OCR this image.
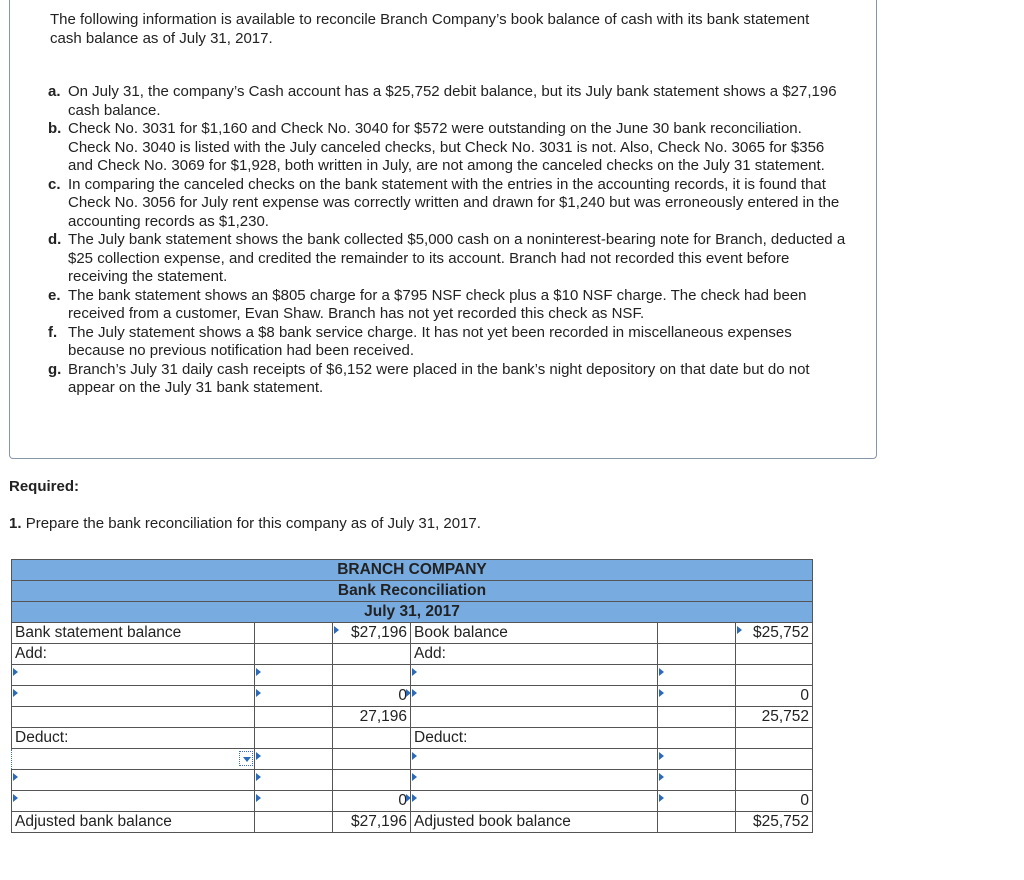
The following information is available to reconcile Branch Company’s book balance of cash with its bank statement cash balance as of July 31, 2017.

a. On July 31, the company’s Cash account has a $25,752 debit balance, but its July bank statement shows a $27,196 cash balance.
b. Check No. 3031 for $1,160 and Check No. 3040 for $572 were outstanding on the June 30 bank reconciliation. Check No. 3040 is listed with the July canceled checks, but Check No. 3031 is not. Also, Check No. 3065 for $356 and Check No. 3069 for $1,928, both written in July, are not among the canceled checks on the July 31 statement.
c. In comparing the canceled checks on the bank statement with the entries in the accounting records, it is found that Check No. 3056 for July rent expense was correctly written and drawn for $1,240 but was erroneously entered in the accounting records as $1,230.
d. The July bank statement shows the bank collected $5,000 cash on a noninterest-bearing note for Branch, deducted a $25 collection expense, and credited the remainder to its account. Branch had not recorded this event before receiving the statement.
e. The bank statement shows an $805 charge for a $795 NSF check plus a $10 NSF charge. The check had been received from a customer, Evan Shaw. Branch has not yet recorded this check as NSF.
f. The July statement shows a $8 bank service charge. It has not yet been recorded in miscellaneous expenses because no previous notification had been received.
g. Branch’s July 31 daily cash receipts of $6,152 were placed in the bank’s night depository on that date but do not appear on the July 31 bank statement.

Required:

1. Prepare the bank reconciliation for this company as of July 31, 2017.

BRANCH COMPANY					
Bank Reconciliation					
July 31, 2017					
Bank statement balance		$27,196	Book balance		$25,752
Add:			Add:		

		0			0
		27,196			25,752
Deduct:			Deduct:		

		0			0
Adjusted bank balance		$27,196	Adjusted book balance		$25,752
